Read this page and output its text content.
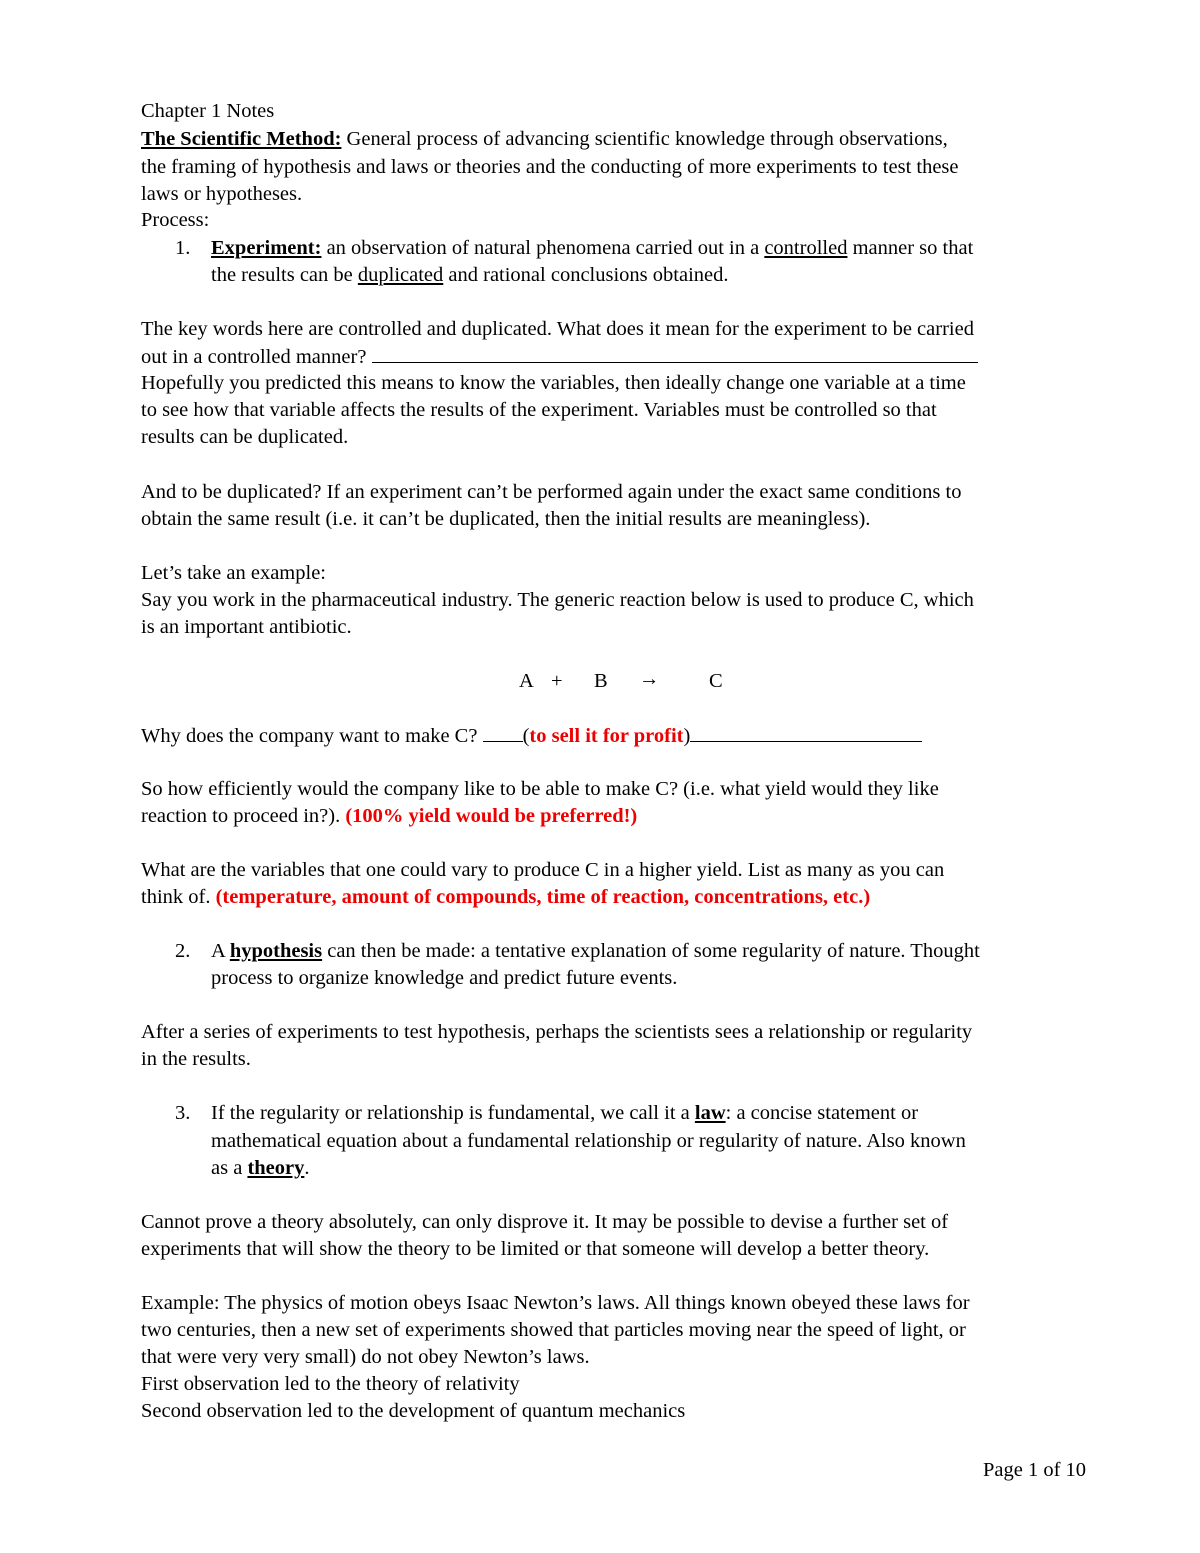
Chapter 1 Notes
The Scientific Method: General process of advancing scientific knowledge through observations,
the framing of hypothesis and laws or theories and the conducting of more experiments to test these
laws or hypotheses.
Process:
1. Experiment: an observation of natural phenomena carried out in a controlled manner so that
the results can be duplicated and rational conclusions obtained.
The key words here are controlled and duplicated. What does it mean for the experiment to be carried
out in a controlled manner?
Hopefully you predicted this means to know the variables, then ideally change one variable at a time
to see how that variable affects the results of the experiment. Variables must be controlled so that
results can be duplicated.
And to be duplicated? If an experiment can’t be performed again under the exact same conditions to
obtain the same result (i.e. it can’t be duplicated, then the initial results are meaningless).
Let’s take an example:
Say you work in the pharmaceutical industry. The generic reaction below is used to produce C, which
is an important antibiotic.
A + B → C
Why does the company want to make C? (to sell it for profit)
So how efficiently would the company like to be able to make C? (i.e. what yield would they like
reaction to proceed in?). (100% yield would be preferred!)
What are the variables that one could vary to produce C in a higher yield. List as many as you can
think of. (temperature, amount of compounds, time of reaction, concentrations, etc.)
2. A hypothesis can then be made: a tentative explanation of some regularity of nature. Thought
process to organize knowledge and predict future events.
After a series of experiments to test hypothesis, perhaps the scientists sees a relationship or regularity
in the results.
3. If the regularity or relationship is fundamental, we call it a law: a concise statement or
mathematical equation about a fundamental relationship or regularity of nature. Also known
as a theory.
Cannot prove a theory absolutely, can only disprove it. It may be possible to devise a further set of
experiments that will show the theory to be limited or that someone will develop a better theory.
Example: The physics of motion obeys Isaac Newton’s laws. All things known obeyed these laws for
two centuries, then a new set of experiments showed that particles moving near the speed of light, or
that were very very small) do not obey Newton’s laws.
First observation led to the theory of relativity
Second observation led to the development of quantum mechanics
Page 1 of 10
